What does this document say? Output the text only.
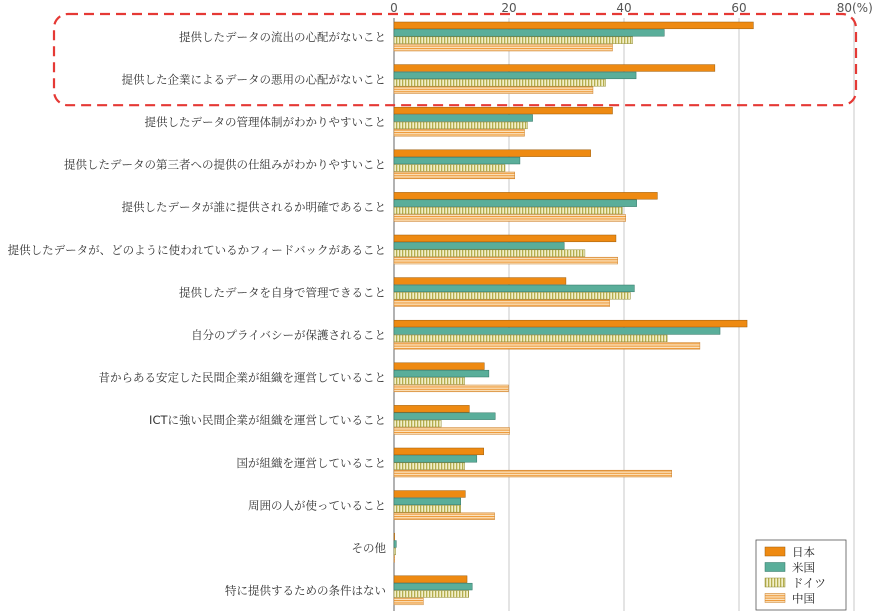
0	20	40	60	80 (%)
提供したデータの流出の心配がないこと
提供した企業によるデータの悪用の心配がないこと
提供したデータの管理体制がわかりやすいこと
提供したデータの第三者への提供の仕組みがわかりやすいこと
提供したデータが誰に提供されるか明確であること
提供したデータが、どのように使われているかフィードバックがあること
提供したデータを自身で管理できること
自分のプライバシーが保護されること
昔からある安定した民間企業が組織を運営していること
ICTに強い民間企業が組織を運営していること
国が組織を運営していること
周囲の人が使っていること
その他
特に提供するための条件はない
日本
米国
ドイツ
中国
